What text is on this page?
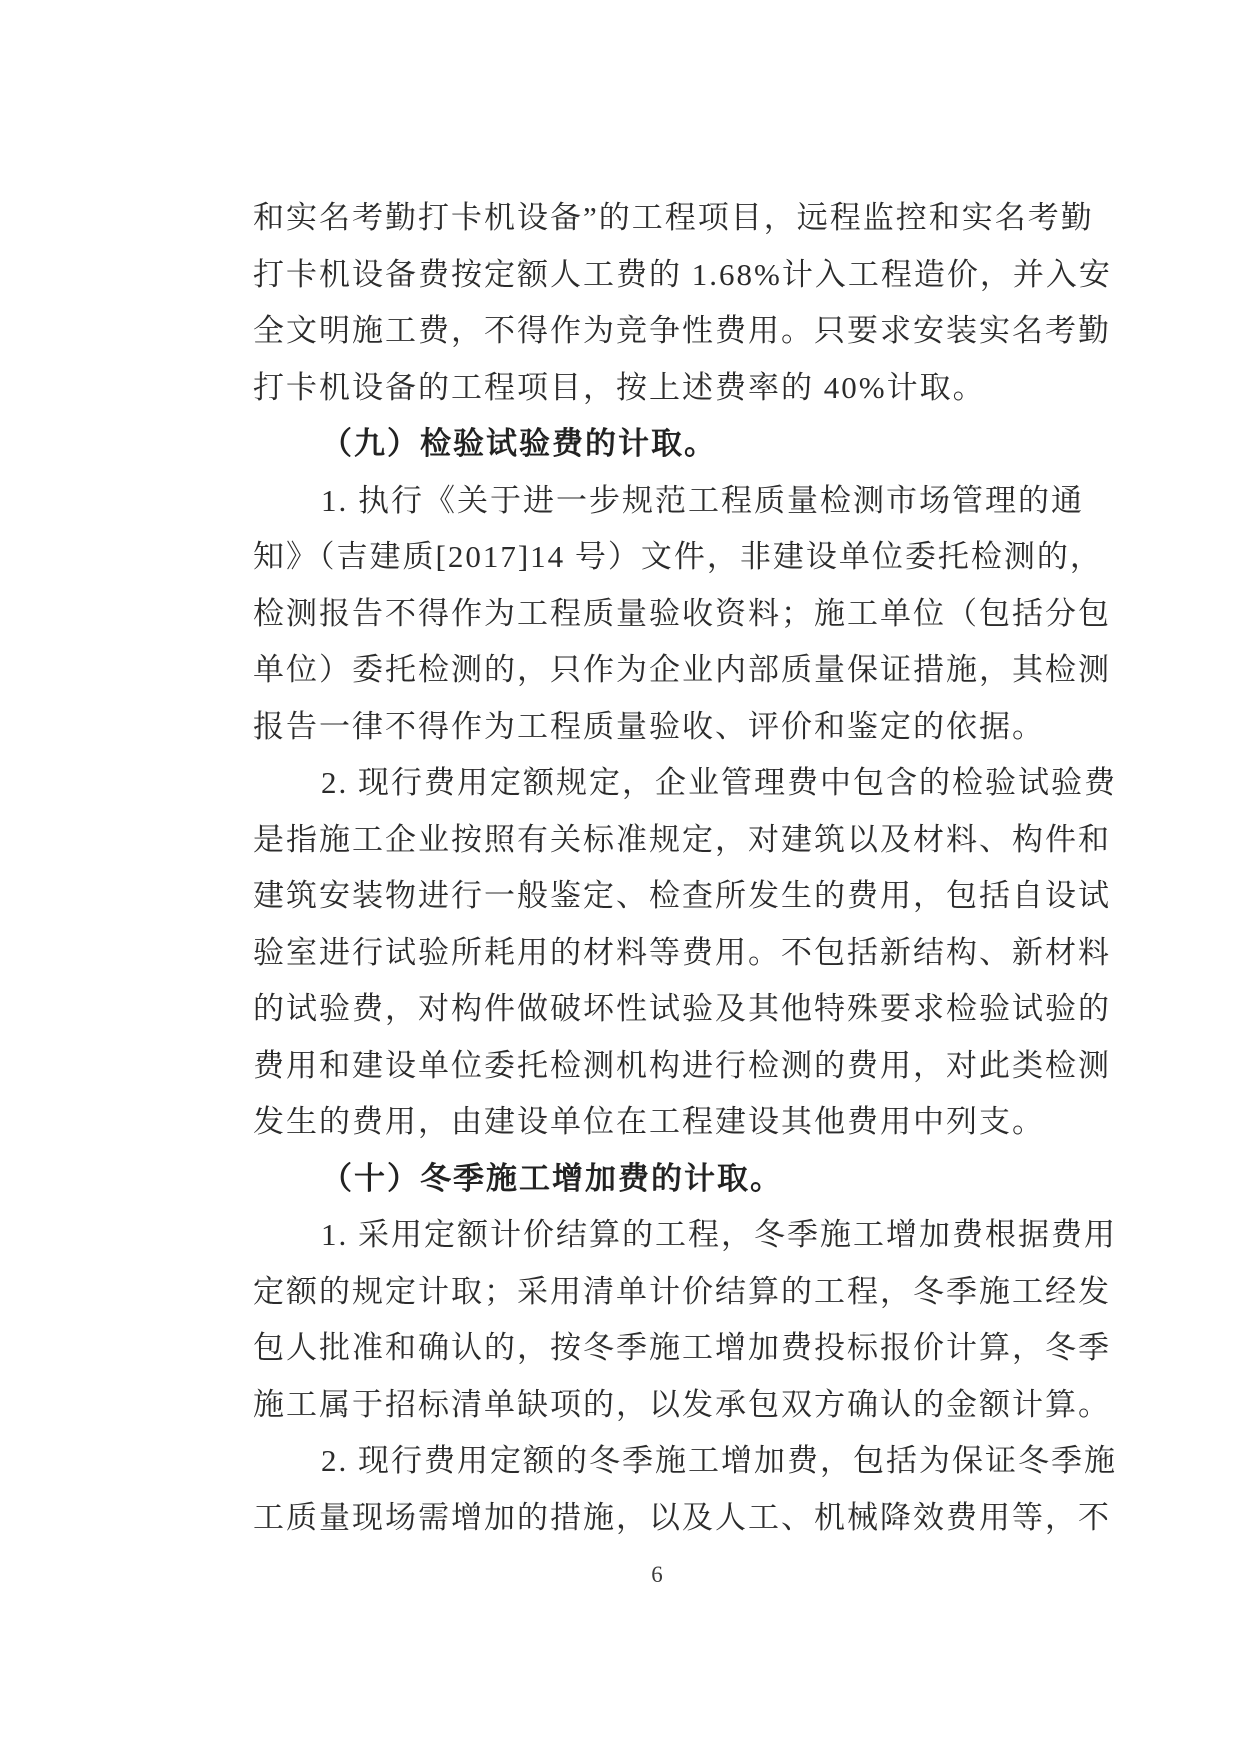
和实名考勤打卡机设备”的工程项目，远程监控和实名考勤
打卡机设备费按定额人工费的 1.68%计入工程造价，并入安
全文明施工费，不得作为竞争性费用。只要求安装实名考勤
打卡机设备的工程项目，按上述费率的 40%计取。
（九）检验试验费的计取。
1. 执行《关于进一步规范工程质量检测市场管理的通
知》（吉建质[2017]14 号）文件，非建设单位委托检测的，
检测报告不得作为工程质量验收资料；施工单位（包括分包
单位）委托检测的，只作为企业内部质量保证措施，其检测
报告一律不得作为工程质量验收、评价和鉴定的依据。
2. 现行费用定额规定，企业管理费中包含的检验试验费
是指施工企业按照有关标准规定，对建筑以及材料、构件和
建筑安装物进行一般鉴定、检查所发生的费用，包括自设试
验室进行试验所耗用的材料等费用。不包括新结构、新材料
的试验费，对构件做破坏性试验及其他特殊要求检验试验的
费用和建设单位委托检测机构进行检测的费用，对此类检测
发生的费用，由建设单位在工程建设其他费用中列支。
（十）冬季施工增加费的计取。
1. 采用定额计价结算的工程，冬季施工增加费根据费用
定额的规定计取；采用清单计价结算的工程，冬季施工经发
包人批准和确认的，按冬季施工增加费投标报价计算，冬季
施工属于招标清单缺项的，以发承包双方确认的金额计算。
2. 现行费用定额的冬季施工增加费，包括为保证冬季施
工质量现场需增加的措施，以及人工、机械降效费用等，不
6
